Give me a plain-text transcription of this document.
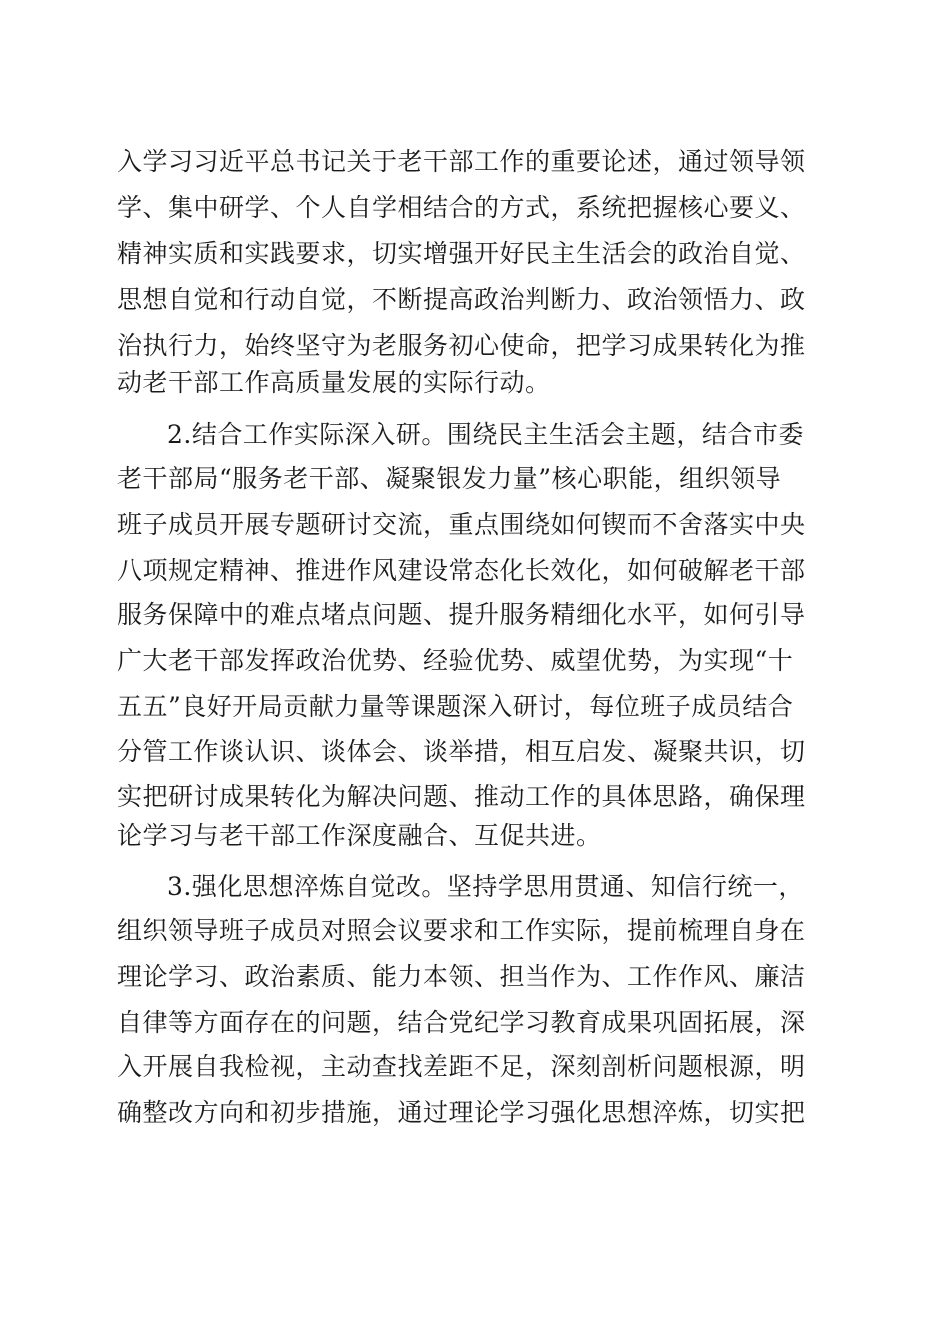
入学习习近平总书记关于老干部工作的重要论述，通过领导领
学、集中研学、个人自学相结合的方式，系统把握核心要义、
精神实质和实践要求，切实增强开好民主生活会的政治自觉、
思想自觉和行动自觉，不断提高政治判断力、政治领悟力、政
治执行力，始终坚守为老服务初心使命，把学习成果转化为推
动老干部工作高质量发展的实际行动。
2.结合工作实际深入研。围绕民主生活会主题，结合市委
老干部局“服务老干部、凝聚银发力量”核心职能，组织领导
班子成员开展专题研讨交流，重点围绕如何锲而不舍落实中央
八项规定精神、推进作风建设常态化长效化，如何破解老干部
服务保障中的难点堵点问题、提升服务精细化水平，如何引导
广大老干部发挥政治优势、经验优势、威望优势，为实现“十
五五”良好开局贡献力量等课题深入研讨，每位班子成员结合
分管工作谈认识、谈体会、谈举措，相互启发、凝聚共识，切
实把研讨成果转化为解决问题、推动工作的具体思路，确保理
论学习与老干部工作深度融合、互促共进。
3.强化思想淬炼自觉改。坚持学思用贯通、知信行统一，
组织领导班子成员对照会议要求和工作实际，提前梳理自身在
理论学习、政治素质、能力本领、担当作为、工作作风、廉洁
自律等方面存在的问题，结合党纪学习教育成果巩固拓展，深
入开展自我检视，主动查找差距不足，深刻剖析问题根源，明
确整改方向和初步措施，通过理论学习强化思想淬炼，切实把
